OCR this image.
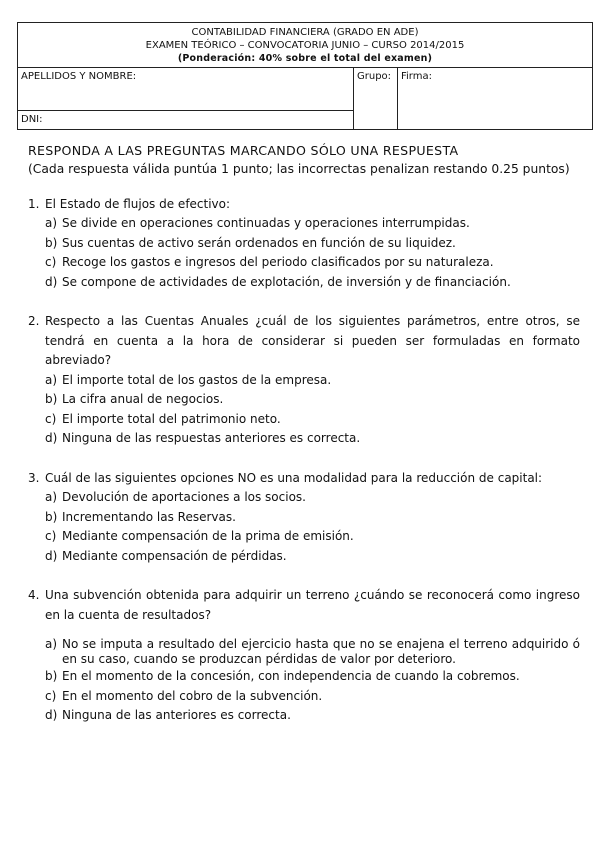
CONTABILIDAD FINANCIERA (GRADO EN ADE)
EXAMEN TEÓRICO – CONVOCATORIA JUNIO – CURSO 2014/2015
(Ponderación: 40% sobre el total del examen)

APELLIDOS Y NOMBRE:	Grupo:	Firma:
DNI:
RESPONDA A LAS PREGUNTAS MARCANDO SÓLO UNA RESPUESTA
(Cada respuesta válida puntúa 1 punto; las incorrectas penalizan restando 0.25 puntos)
1. El Estado de flujos de efectivo:
a) Se divide en operaciones continuadas y operaciones interrumpidas.
b) Sus cuentas de activo serán ordenados en función de su liquidez.
c) Recoge los gastos e ingresos del periodo clasificados por su naturaleza.
d) Se compone de actividades de explotación, de inversión y de financiación.
2. Respecto a las Cuentas Anuales ¿cuál de los siguientes parámetros, entre otros, se tendrá en cuenta a la hora de considerar si pueden ser formuladas en formato abreviado?
a) El importe total de los gastos de la empresa.
b) La cifra anual de negocios.
c) El importe total del patrimonio neto.
d) Ninguna de las respuestas anteriores es correcta.
3. Cuál de las siguientes opciones NO es una modalidad para la reducción de capital:
a) Devolución de aportaciones a los socios.
b) Incrementando las Reservas.
c) Mediante compensación de la prima de emisión.
d) Mediante compensación de pérdidas.
4. Una subvención obtenida para adquirir un terreno ¿cuándo se reconocerá como ingreso en la cuenta de resultados?
a) No se imputa a resultado del ejercicio hasta que no se enajena el terreno adquirido ó en su caso, cuando se produzcan pérdidas de valor por deterioro.
b) En el momento de la concesión, con independencia de cuando la cobremos.
c) En el momento del cobro de la subvención.
d) Ninguna de las anteriores es correcta.
